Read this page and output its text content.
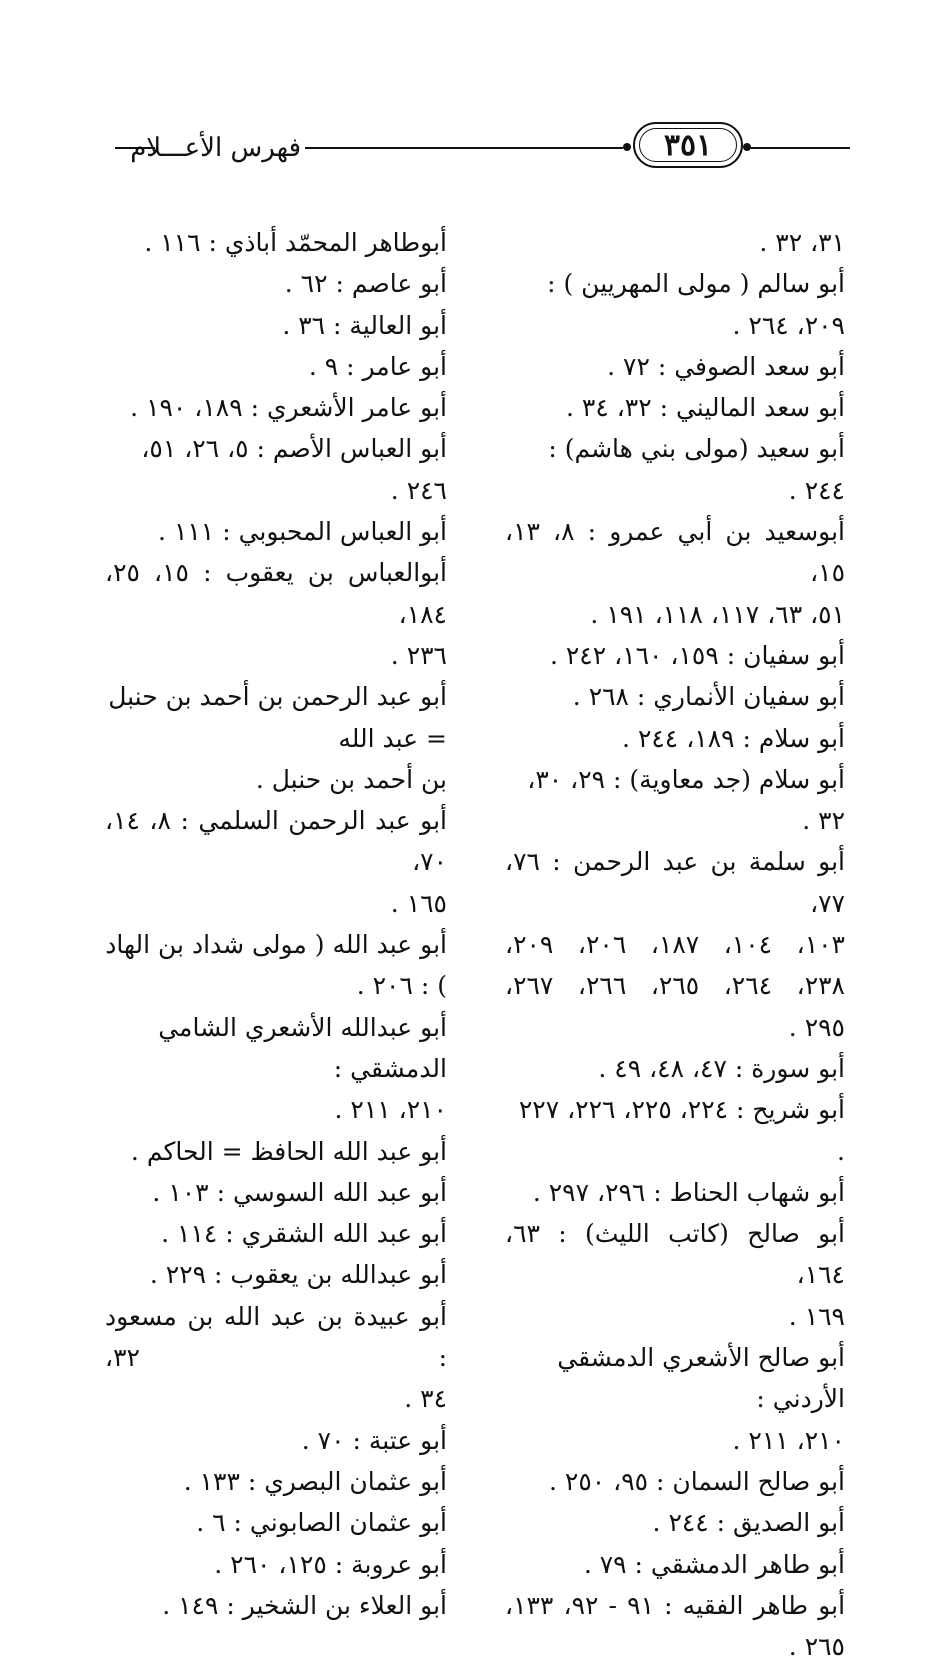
فهرس الأعـــلام	٣٥١
٣١، ٣٢ .
أبو سالم ( مولى المهريين ) : ٢٠٩، ٢٦٤ .
أبو سعد الصوفي : ٧٢ .
أبو سعد الماليني : ٣٢، ٣٤ .
أبو سعيد (مولى بني هاشم) : ٢٤٤ .
أبوسعيد بن أبي عمرو : ٨، ١٣، ١٥،
٥١، ٦٣، ١١٧، ١١٨، ١٩١ .
أبو سفيان : ١٥٩، ١٦٠، ٢٤٢ .
أبو سفيان الأنماري : ٢٦٨ .
أبو سلام : ١٨٩، ٢٤٤ .
أبو سلام (جد معاوية) : ٢٩، ٣٠، ٣٢ .
أبو سلمة بن عبد الرحمن : ٧٦، ٧٧،
١٠٣، ١٠٤، ١٨٧، ٢٠٦، ٢٠٩،
٢٣٨، ٢٦٤، ٢٦٥، ٢٦٦، ٢٦٧،
٢٩٥ .
أبو سورة : ٤٧، ٤٨، ٤٩ .
أبو شريح : ٢٢٤، ٢٢٥، ٢٢٦، ٢٢٧ .
أبو شهاب الحناط : ٢٩٦، ٢٩٧ .
أبو صالح (كاتب الليث) : ٦٣، ١٦٤،
١٦٩ .
أبو صالح الأشعري الدمشقي الأردني :
٢١٠، ٢١١ .
أبو صالح السمان : ٩٥، ٢٥٠ .
أبو الصديق : ٢٤٤ .
أبو طاهر الدمشقي : ٧٩ .
أبو طاهر الفقيه : ٩١ - ٩٢، ١٣٣،
٢٦٥ .
أبوطاهر المحمّد أباذي : ١١٦ .
أبو عاصم : ٦٢ .
أبو العالية : ٣٦ .
أبو عامر : ٩ .
أبو عامر الأشعري : ١٨٩، ١٩٠ .
أبو العباس الأصم : ٥، ٢٦، ٥١، ٢٤٦ .
أبو العباس المحبوبي : ١١١ .
أبوالعباس بن يعقوب : ١٥، ٢٥، ١٨٤،
٢٣٦ .
أبو عبد الرحمن بن أحمد بن حنبل = عبد الله
بن أحمد بن حنبل .
أبو عبد الرحمن السلمي : ٨، ١٤، ٧٠،
١٦٥ .
أبو عبد الله ( مولى شداد بن الهاد ) : ٢٠٦ .
أبو عبدالله الأشعري الشامي الدمشقي :
٢١٠، ٢١١ .
أبو عبد الله الحافظ = الحاكم .
أبو عبد الله السوسي : ١٠٣ .
أبو عبد الله الشقري : ١١٤ .
أبو عبدالله بن يعقوب : ٢٢٩ .
أبو عبيدة بن عبد الله بن مسعود : ٣٢،
٣٤ .
أبو عتبة : ٧٠ .
أبو عثمان البصري : ١٣٣ .
أبو عثمان الصابوني : ٦ .
أبو عروبة : ١٢٥، ٢٦٠ .
أبو العلاء بن الشخير : ١٤٩ .
